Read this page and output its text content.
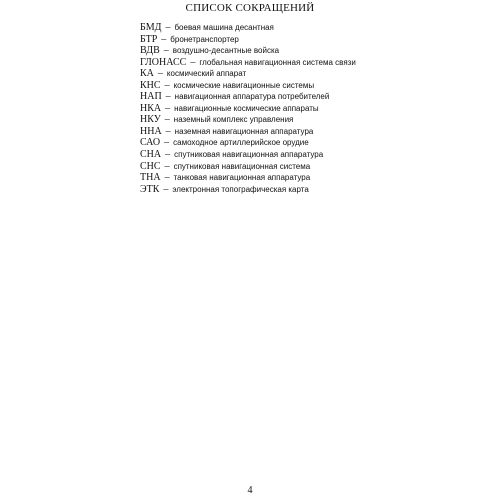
СПИСОК СОКРАЩЕНИЙ
БМД – боевая машина десантная
БТР – бронетранспортер
ВДВ – воздушно-десантные войска
ГЛОНАСС – глобальная навигационная система связи
КА – космический аппарат
КНС – космические навигационные системы
НАП – навигационная аппаратура потребителей
НКА – навигационные космические аппараты
НКУ – наземный комплекс управления
ННА – наземная навигационная аппаратура
САО – самоходное артиллерийское орудие
СНА – спутниковая навигационная аппаратура
СНС – спутниковая навигационная система
ТНА – танковая навигационная аппаратура
ЭТК – электронная топографическая карта
4
